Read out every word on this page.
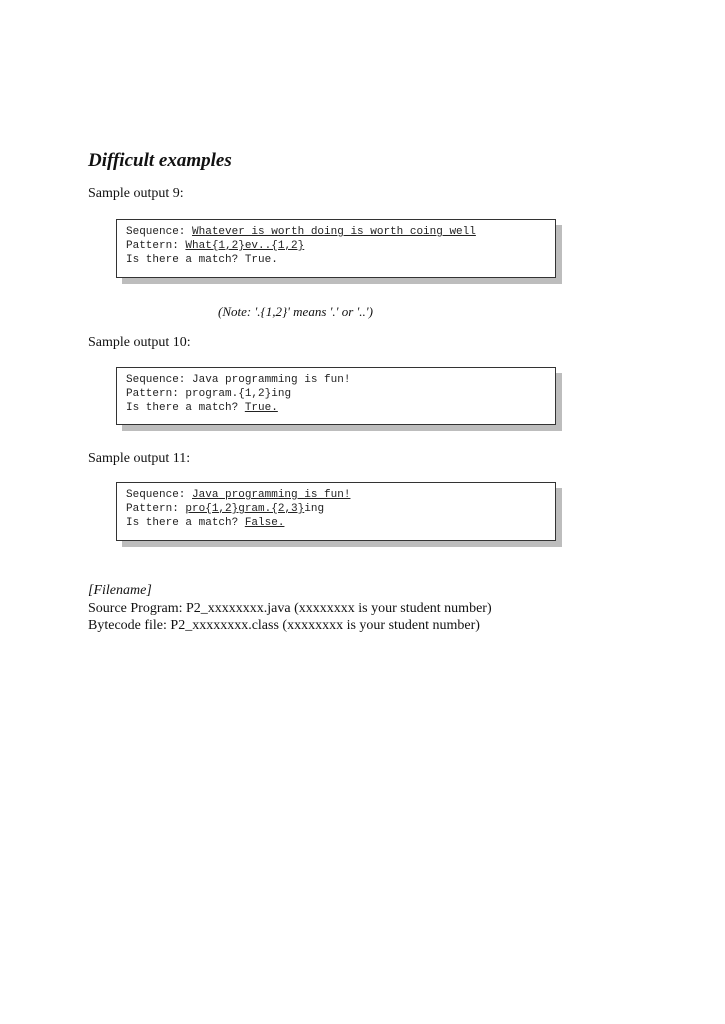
Difficult examples
Sample output 9:
Sequence: Whatever is worth doing is worth coing well
Pattern: What{1,2}ev..{1,2}
Is there a match? True.
(Note: '.{1,2}' means '.' or '..')
Sample output 10:
Sequence: Java programming is fun!
Pattern: program.{1,2}ing
Is there a match? True.
Sample output 11:
Sequence: Java programming is fun!
Pattern: pro{1,2}gram.{2,3}ing
Is there a match? False.
[Filename]
Source Program: P2_xxxxxxxx.java (xxxxxxxx is your student number)
Bytecode file: P2_xxxxxxxx.class (xxxxxxxx is your student number)
